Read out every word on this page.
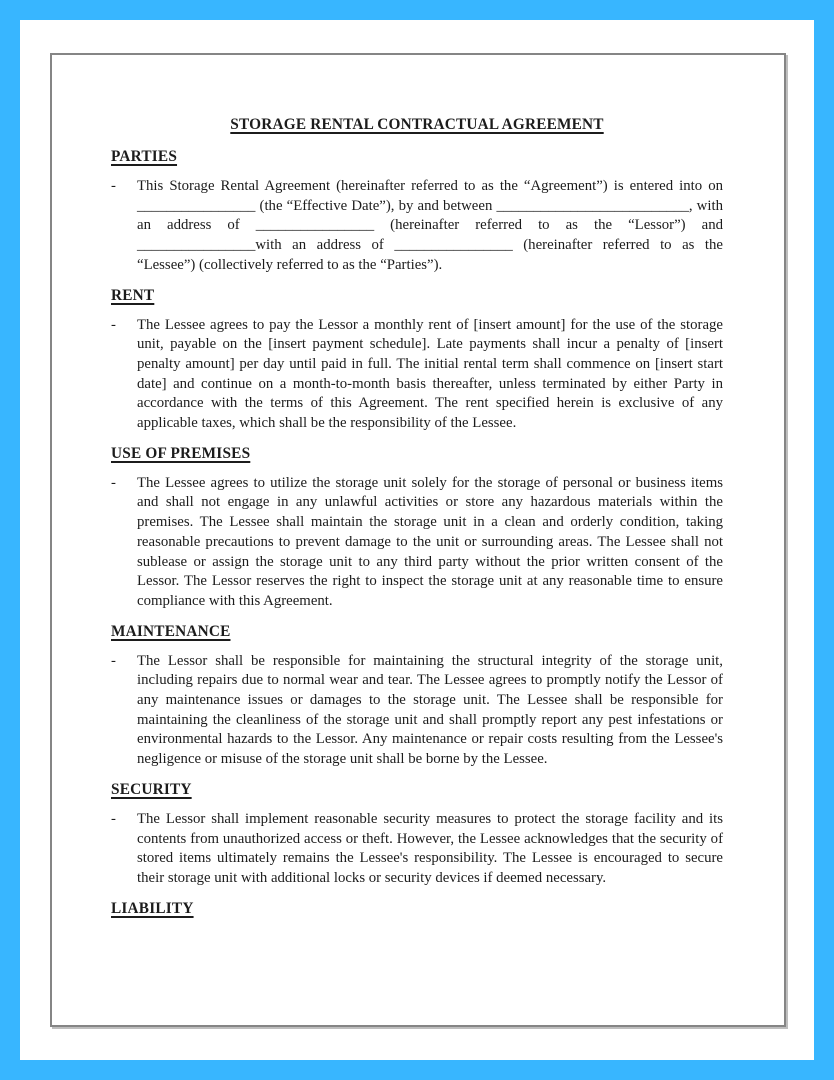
STORAGE RENTAL CONTRACTUAL AGREEMENT
PARTIES
-	This Storage Rental Agreement (hereinafter referred to as the “Agreement”) is entered into on ________________ (the “Effective Date”), by and between __________________________, with an address of ________________ (hereinafter referred to as the “Lessor”) and ________________with an address of ________________ (hereinafter referred to as the “Lessee”) (collectively referred to as the “Parties”).

RENT
-	The Lessee agrees to pay the Lessor a monthly rent of [insert amount] for the use of the storage unit, payable on the [insert payment schedule]. Late payments shall incur a penalty of [insert penalty amount] per day until paid in full. The initial rental term shall commence on [insert start date] and continue on a month-to-month basis thereafter, unless terminated by either Party in accordance with the terms of this Agreement. The rent specified herein is exclusive of any applicable taxes, which shall be the responsibility of the Lessee.

USE OF PREMISES
-	The Lessee agrees to utilize the storage unit solely for the storage of personal or business items and shall not engage in any unlawful activities or store any hazardous materials within the premises. The Lessee shall maintain the storage unit in a clean and orderly condition, taking reasonable precautions to prevent damage to the unit or surrounding areas. The Lessee shall not sublease or assign the storage unit to any third party without the prior written consent of the Lessor. The Lessor reserves the right to inspect the storage unit at any reasonable time to ensure compliance with this Agreement.

MAINTENANCE
-	The Lessor shall be responsible for maintaining the structural integrity of the storage unit, including repairs due to normal wear and tear. The Lessee agrees to promptly notify the Lessor of any maintenance issues or damages to the storage unit. The Lessee shall be responsible for maintaining the cleanliness of the storage unit and shall promptly report any pest infestations or environmental hazards to the Lessor. Any maintenance or repair costs resulting from the Lessee's negligence or misuse of the storage unit shall be borne by the Lessee.

SECURITY
-	The Lessor shall implement reasonable security measures to protect the storage facility and its contents from unauthorized access or theft. However, the Lessee acknowledges that the security of stored items ultimately remains the Lessee's responsibility. The Lessee is encouraged to secure their storage unit with additional locks or security devices if deemed necessary.

LIABILITY
